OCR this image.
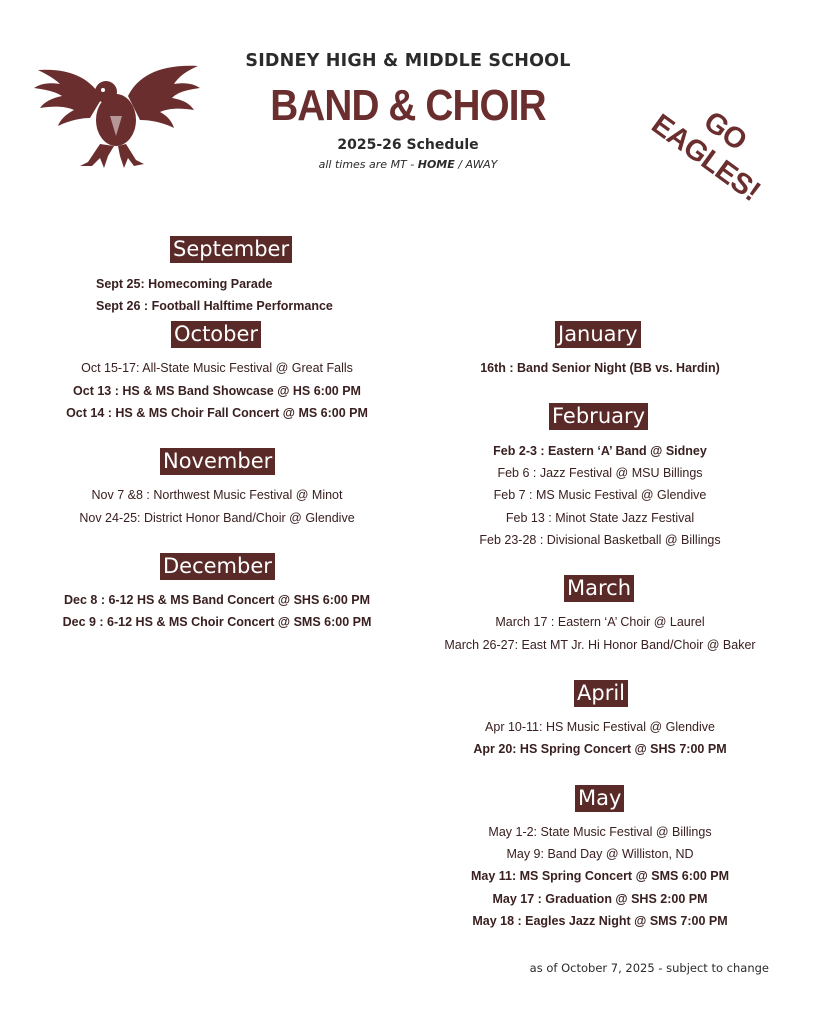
SIDNEY HIGH & MIDDLE SCHOOL
BAND & CHOIR
2025-26 Schedule
all times are MT - HOME / AWAY
GO EAGLES!
September
Sept 25: Homecoming Parade
Sept 26 : Football Halftime Performance
October
Oct 15-17: All-State Music Festival @ Great Falls
Oct 13 : HS & MS Band Showcase @ HS 6:00 PM
Oct 14 : HS & MS Choir Fall Concert @ MS 6:00 PM
November
Nov 7 &8 : Northwest Music Festival @ Minot
Nov 24-25: District Honor Band/Choir @ Glendive
December
Dec 8 : 6-12 HS & MS Band Concert @ SHS 6:00 PM
Dec 9 : 6-12 HS & MS Choir Concert @ SMS 6:00 PM
January
16th : Band Senior Night (BB vs. Hardin)
February
Feb 2-3 : Eastern ‘A’ Band @ Sidney
Feb 6 : Jazz Festival @ MSU Billings
Feb 7 : MS Music Festival @ Glendive
Feb 13 : Minot State Jazz Festival
Feb 23-28 : Divisional Basketball @ Billings
March
March 17 : Eastern ‘A’ Choir @ Laurel
March 26-27: East MT Jr. Hi Honor Band/Choir @ Baker
April
Apr 10-11: HS Music Festival @ Glendive
Apr 20: HS Spring Concert @ SHS 7:00 PM
May
May 1-2: State Music Festival @ Billings
May 9: Band Day @ Williston, ND
May 11: MS Spring Concert @ SMS 6:00 PM
May 17 : Graduation @ SHS 2:00 PM
May 18 : Eagles Jazz Night @ SMS 7:00 PM
as of October 7, 2025 - subject to change
